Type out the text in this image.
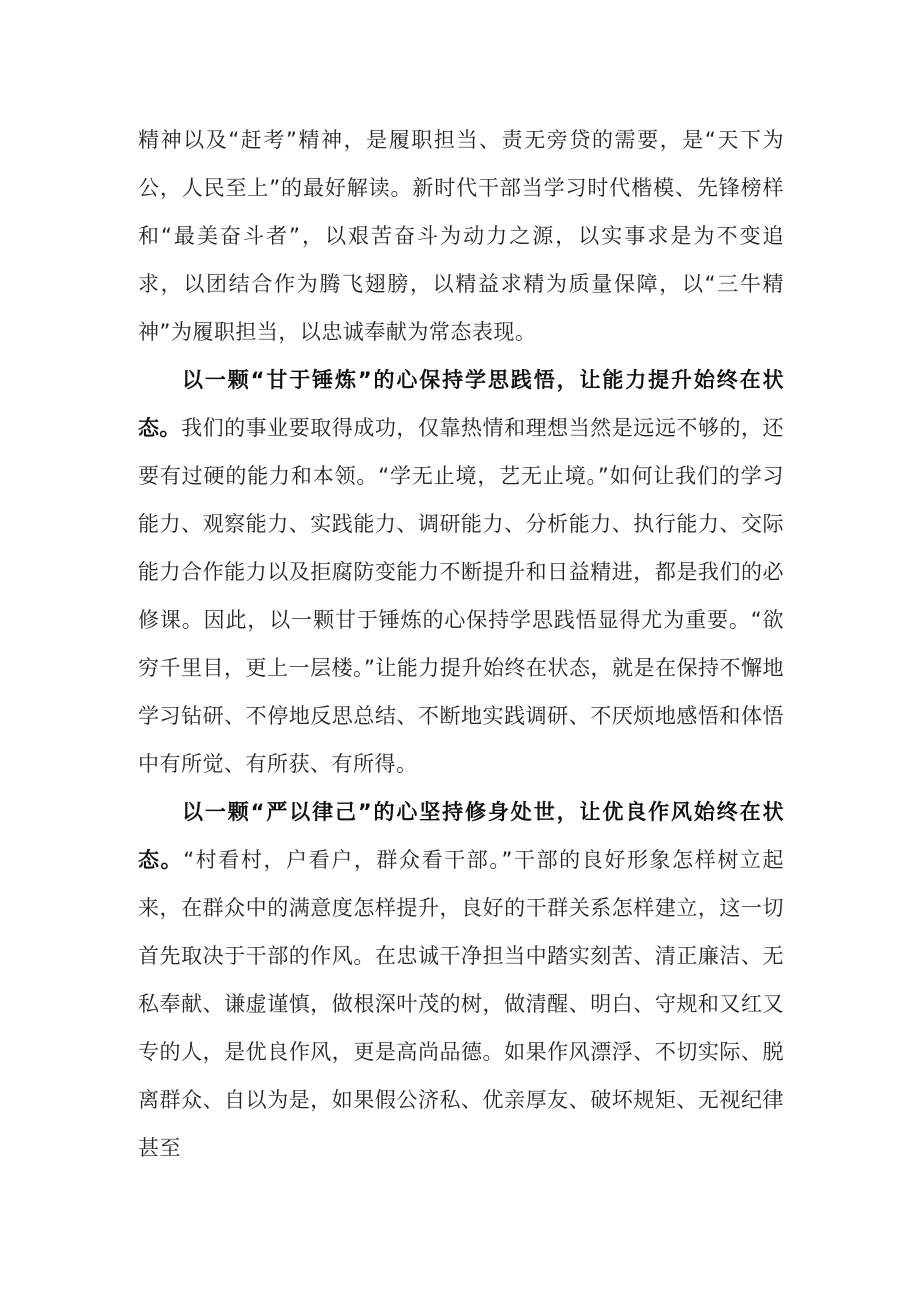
精神以及“赶考”精神，是履职担当、责无旁贷的需要，是“天下为公，人民至上”的最好解读。新时代干部当学习时代楷模、先锋榜样和“最美奋斗者”，以艰苦奋斗为动力之源，以实事求是为不变追求，以团结合作为腾飞翅膀，以精益求精为质量保障，以“三牛精神”为履职担当，以忠诚奉献为常态表现。

以一颗“甘于锤炼”的心保持学思践悟，让能力提升始终在状态。我们的事业要取得成功，仅靠热情和理想当然是远远不够的，还要有过硬的能力和本领。“学无止境，艺无止境。”如何让我们的学习能力、观察能力、实践能力、调研能力、分析能力、执行能力、交际能力合作能力以及拒腐防变能力不断提升和日益精进，都是我们的必修课。因此，以一颗甘于锤炼的心保持学思践悟显得尤为重要。“欲穷千里目，更上一层楼。”让能力提升始终在状态，就是在保持不懈地学习钻研、不停地反思总结、不断地实践调研、不厌烦地感悟和体悟中有所觉、有所获、有所得。

以一颗“严以律己”的心坚持修身处世，让优良作风始终在状态。“村看村，户看户，群众看干部。”干部的良好形象怎样树立起来，在群众中的满意度怎样提升，良好的干群关系怎样建立，这一切首先取决于干部的作风。在忠诚干净担当中踏实刻苦、清正廉洁、无私奉献、谦虚谨慎，做根深叶茂的树，做清醒、明白、守规和又红又专的人，是优良作风，更是高尚品德。如果作风漂浮、不切实际、脱离群众、自以为是，如果假公济私、优亲厚友、破坏规矩、无视纪律甚至
